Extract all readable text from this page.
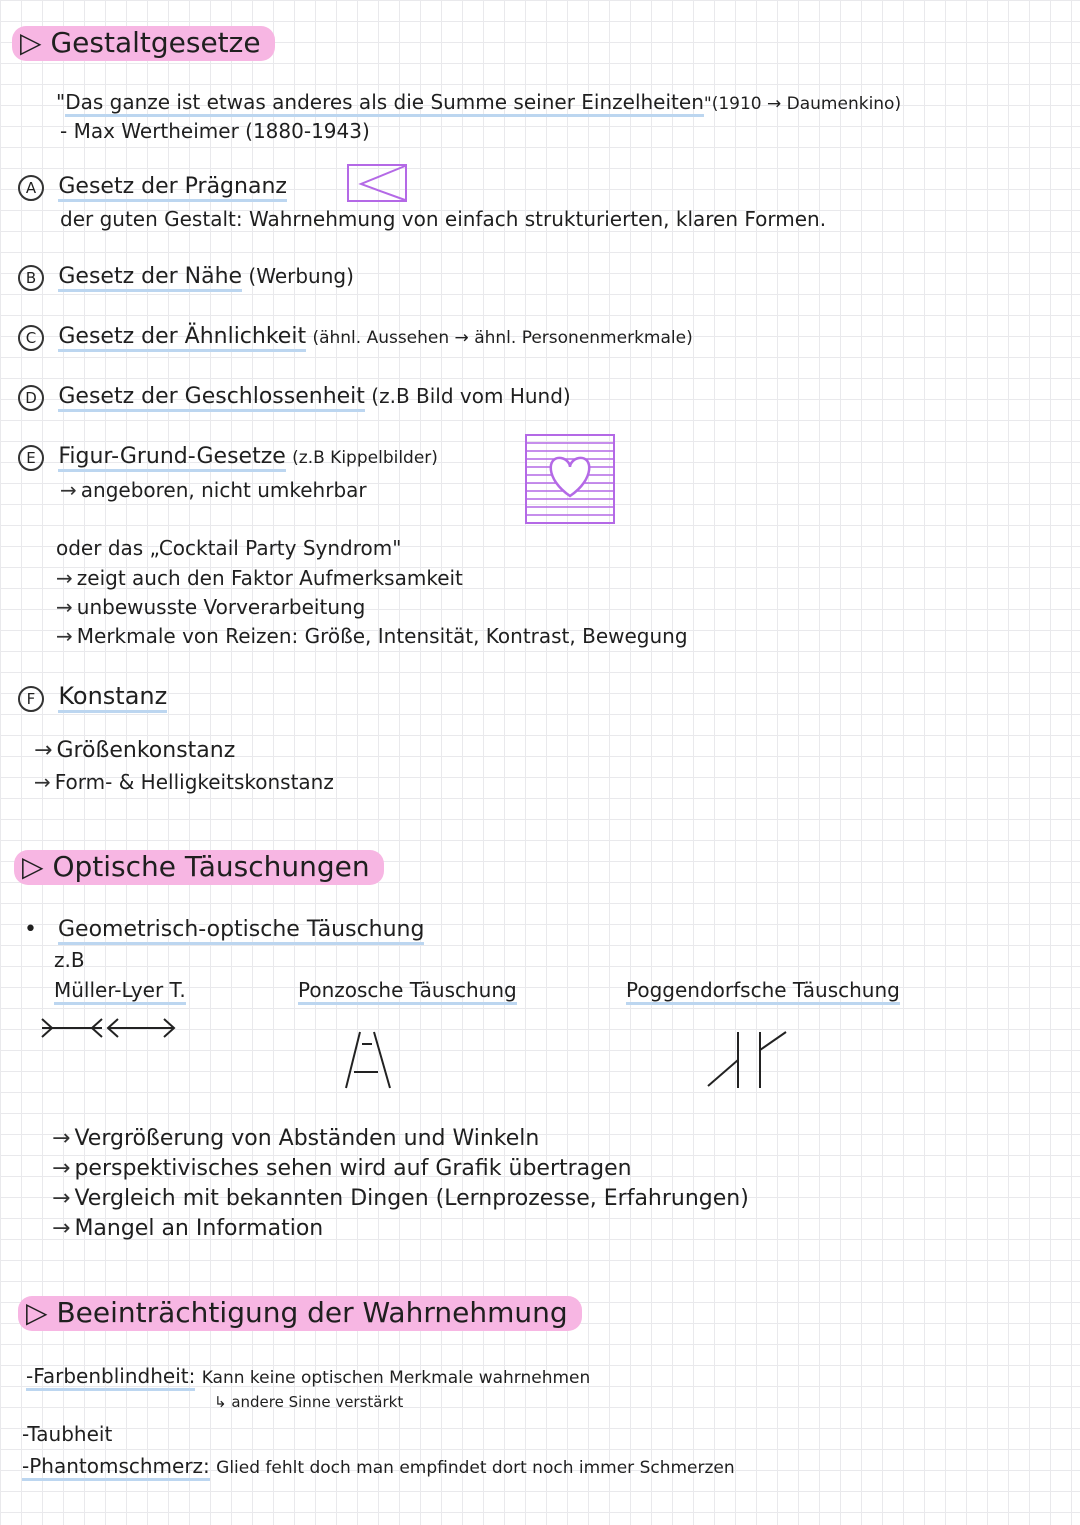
▷ Gestaltgesetze
"Das ganze ist etwas anderes als die Summe seiner Einzelheiten"(1910 → Daumenkino)
- Max Wertheimer (1880-1943)
A Gesetz der Prägnanz
der guten Gestalt: Wahrnehmung von einfach strukturierten, klaren Formen.
B Gesetz der Nähe (Werbung)
C Gesetz der Ähnlichkeit (ähnl. Aussehen → ähnl. Personenmerkmale)
D Gesetz der Geschlossenheit (z.B Bild vom Hund)
E Figur-Grund-Gesetze (z.B Kippelbilder)
→ angeboren, nicht umkehrbar
oder das „Cocktail Party Syndrom"
→ zeigt auch den Faktor Aufmerksamkeit
→ unbewusste Vorverarbeitung
→ Merkmale von Reizen: Größe, Intensität, Kontrast, Bewegung
F Konstanz
→ Größenkonstanz
→ Form- & Helligkeitskonstanz
▷ Optische Täuschungen
• Geometrisch-optische Täuschung
z.B
Müller-Lyer T.	Ponzosche Täuschung	Poggendorfsche Täuschung
→ Vergrößerung von Abständen und Winkeln
→ perspektivisches sehen wird auf Grafik übertragen
→ Vergleich mit bekannten Dingen (Lernprozesse, Erfahrungen)
→ Mangel an Information
▷ Beeinträchtigung der Wahrnehmung
-Farbenblindheit: Kann keine optischen Merkmale wahrnehmen
↳ andere Sinne verstärkt
-Taubheit
-Phantomschmerz: Glied fehlt doch man empfindet dort noch immer Schmerzen
